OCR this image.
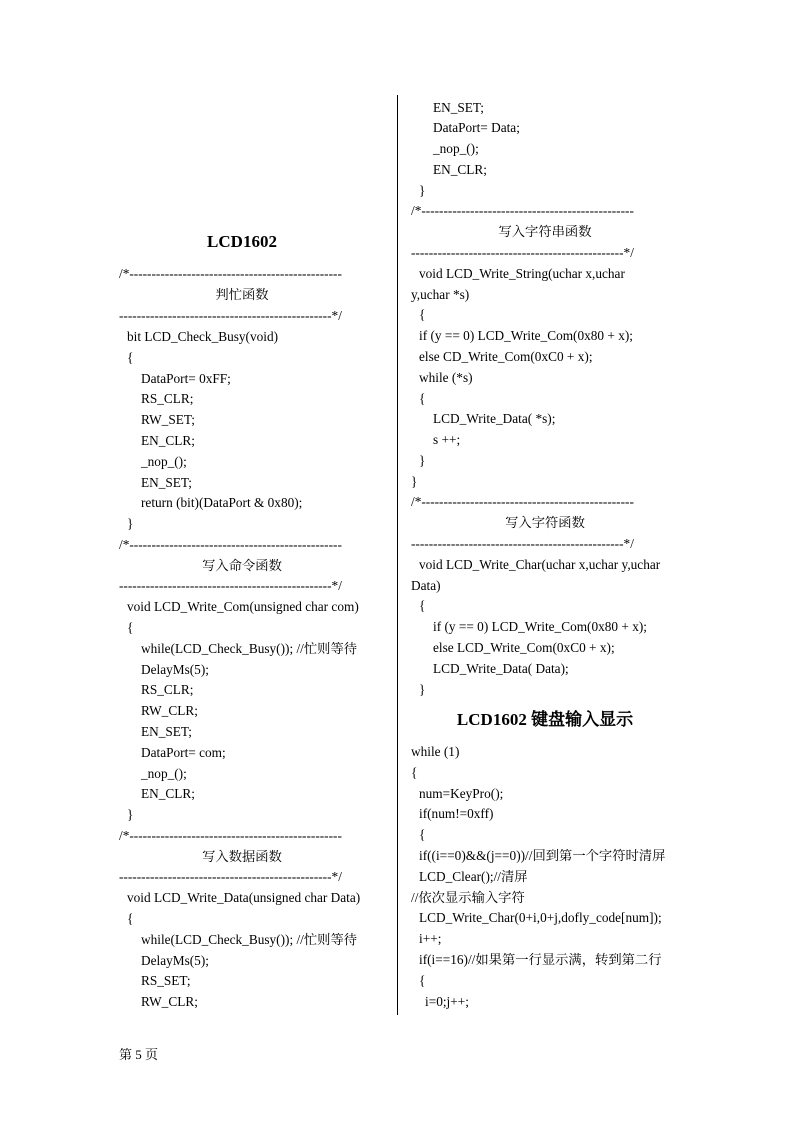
LCD1602
/*------------------------------------------------
判忙函数
------------------------------------------------*/
bit LCD_Check_Busy(void)
{
DataPort= 0xFF;
RS_CLR;
RW_SET;
EN_CLR;
_nop_();
EN_SET;
return (bit)(DataPort & 0x80);
}
/*------------------------------------------------
写入命令函数
------------------------------------------------*/
void LCD_Write_Com(unsigned char com)
{
while(LCD_Check_Busy()); //忙则等待
DelayMs(5);
RS_CLR;
RW_CLR;
EN_SET;
DataPort= com;
_nop_();
EN_CLR;
}
/*------------------------------------------------
写入数据函数
------------------------------------------------*/
void LCD_Write_Data(unsigned char Data)
{
while(LCD_Check_Busy()); //忙则等待
DelayMs(5);
RS_SET;
RW_CLR;
EN_SET;
DataPort= Data;
_nop_();
EN_CLR;
}
/*------------------------------------------------
写入字符串函数
------------------------------------------------*/
void LCD_Write_String(uchar x,uchar
y,uchar *s)
{
if (y == 0) LCD_Write_Com(0x80 + x);
else CD_Write_Com(0xC0 + x);
while (*s)
{
LCD_Write_Data( *s);
s ++;
}
}
/*------------------------------------------------
写入字符函数
------------------------------------------------*/
void LCD_Write_Char(uchar x,uchar y,uchar
Data)
{
if (y == 0) LCD_Write_Com(0x80 + x);
else LCD_Write_Com(0xC0 + x);
LCD_Write_Data( Data);
}
LCD1602 键盘输入显示
while (1)
{
num=KeyPro();
if(num!=0xff)
{
if((i==0)&&(j==0))//回到第一个字符时清屏
LCD_Clear();//清屏
//依次显示输入字符
LCD_Write_Char(0+i,0+j,dofly_code[num]);
i++;
if(i==16)//如果第一行显示满，转到第二行
{
i=0;j++;
第 5 页
